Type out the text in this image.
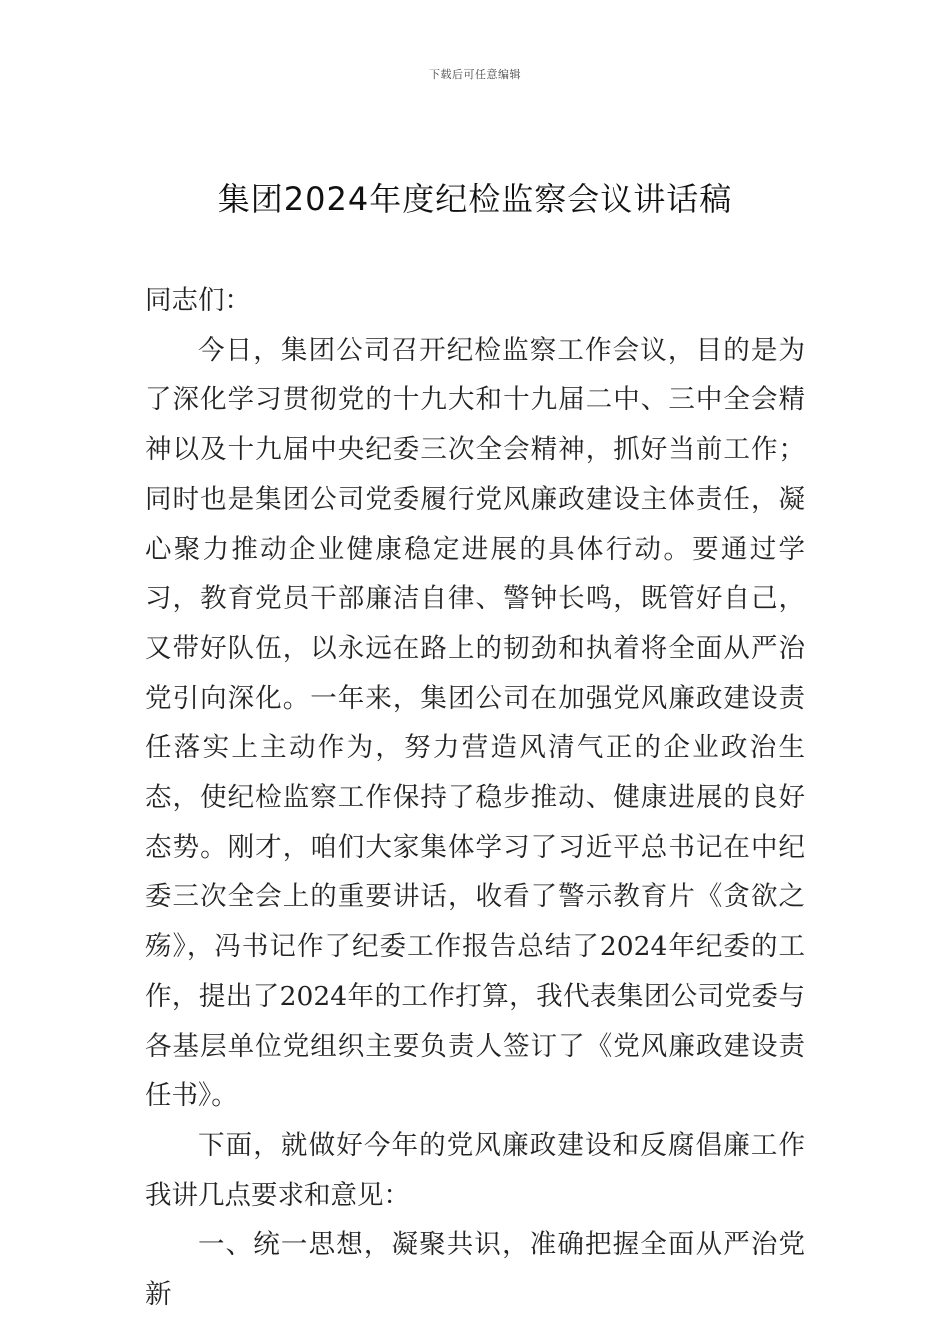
下载后可任意编辑
集团2024年度纪检监察会议讲话稿

同志们：

今日，集团公司召开纪检监察工作会议，目的是为了深化学习贯彻党的十九大和十九届二中、三中全会精神以及十九届中央纪委三次全会精神，抓好当前工作；同时也是集团公司党委履行党风廉政建设主体责任，凝心聚力推动企业健康稳定进展的具体行动。要通过学习，教育党员干部廉洁自律、警钟长鸣，既管好自己，又带好队伍，以永远在路上的韧劲和执着将全面从严治党引向深化。一年来，集团公司在加强党风廉政建设责任落实上主动作为，努力营造风清气正的企业政治生态，使纪检监察工作保持了稳步推动、健康进展的良好态势。刚才，咱们大家集体学习了习近平总书记在中纪委三次全会上的重要讲话，收看了警示教育片《贪欲之殇》，冯书记作了纪委工作报告总结了2024年纪委的工作，提出了2024年的工作打算，我代表集团公司党委与各基层单位党组织主要负责人签订了《党风廉政建设责任书》。

下面，就做好今年的党风廉政建设和反腐倡廉工作我讲几点要求和意见：

一、统一思想，凝聚共识，准确把握全面从严治党新
